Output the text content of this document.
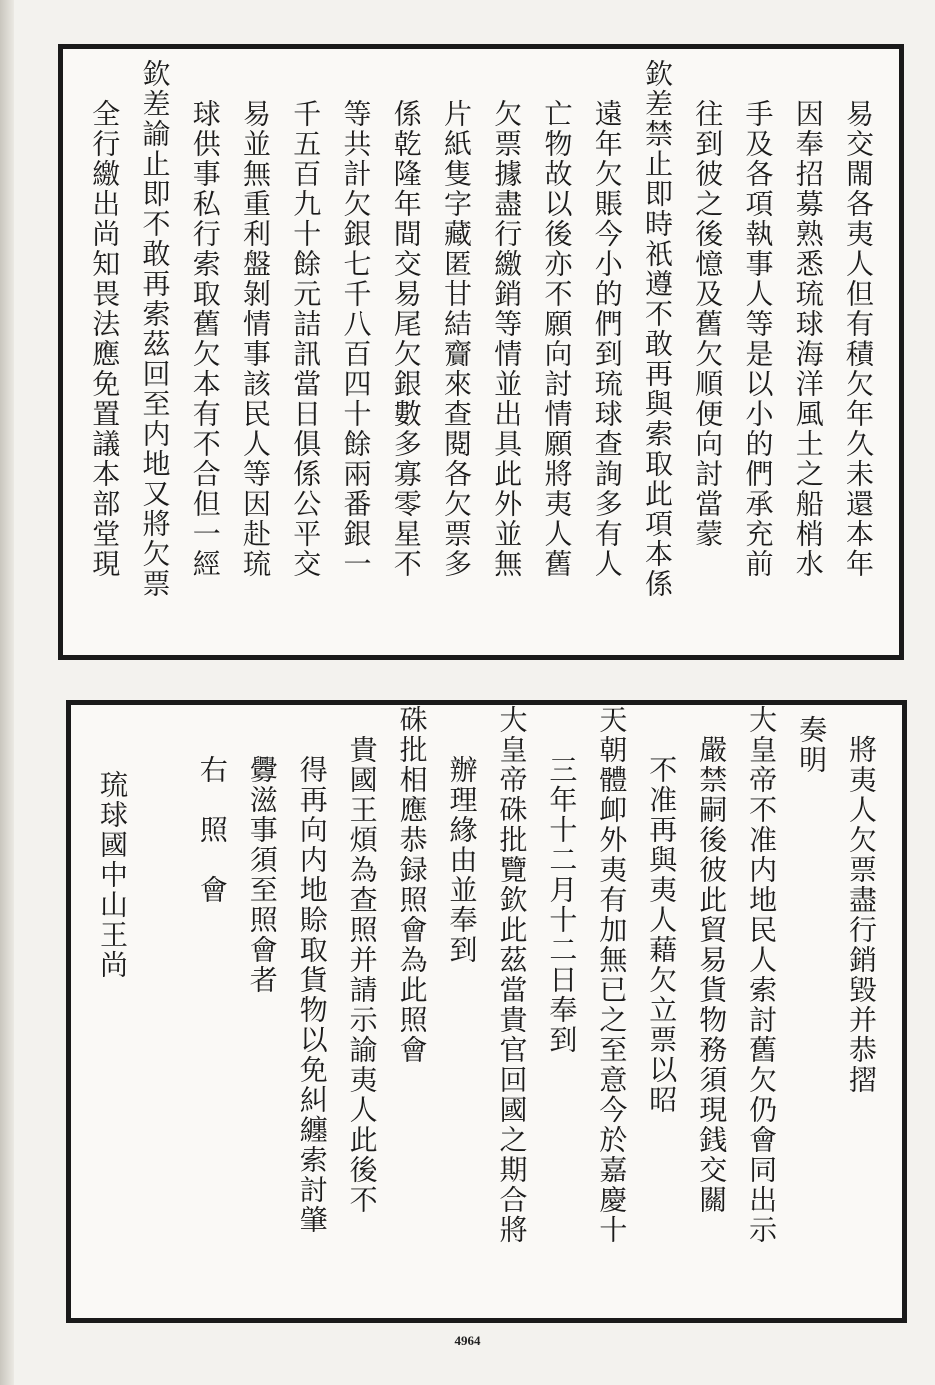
易交閙各夷人但有積欠年久未還本年
因奉招募熟悉琉球海洋風土之船梢水
手及各項執事人等是以小的們承充前
往到彼之後憶及舊欠順便向討當蒙
欽差禁止即時祇遵不敢再與索取此項本係
遠年欠賬今小的們到琉球查詢多有人
亡物故以後亦不願向討情願將夷人舊
欠票據盡行繳銷等情並出具此外並無
片紙隻字藏匿甘結齎來查閱各欠票多
係乾隆年間交易尾欠銀數多寡零星不
等共計欠銀七千八百四十餘兩番銀一
千五百九十餘元詰訊當日俱係公平交
易並無重利盤剝情事該民人等因赴琉
球供事私行索取舊欠本有不合但一經
欽差諭止即不敢再索茲回至内地又將欠票
全行繳出尚知畏法應免置議本部堂現
將夷人欠票盡行銷毀并恭摺
奏明
大皇帝不准内地民人索討舊欠仍會同出示
嚴禁嗣後彼此貿易貨物務須現銭交關
不准再與夷人藉欠立票以昭
天朝體卹外夷有加無已之至意今於嘉慶十
三年十二月十二日奉到
大皇帝硃批覽欽此茲當貴官回國之期合將
辦理緣由並奉到
硃批相應恭録照會為此照會
貴國王煩為查照并請示諭夷人此後不
得再向内地賒取貨物以免糾纏索討肇
釁滋事須至照會者
右　照　會
琉球國中山王尚
4964
